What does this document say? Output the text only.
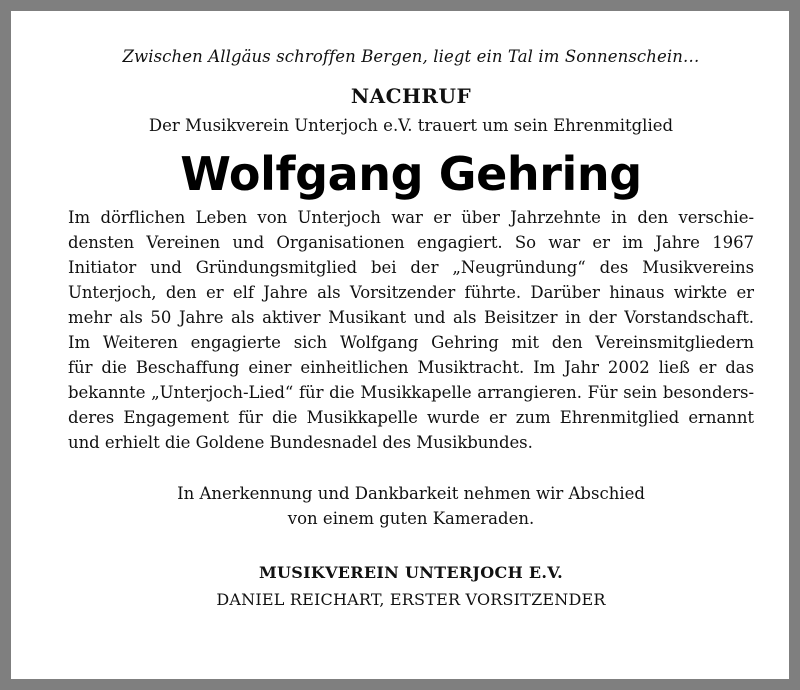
Zwischen Allgäus schroffen Bergen, liegt ein Tal im Sonnenschein…

NACHRUF

Der Musikverein Unterjoch e.V. trauert um sein Ehrenmitglied

Wolfgang Gehring

Im dörflichen Leben von Unterjoch war er über Jahrzehnte in den verschie-
densten Vereinen und Organisationen engagiert. So war er im Jahre 1967
Initiator und Gründungsmitglied bei der „Neugründung“ des Musikvereins
Unterjoch, den er elf Jahre als Vorsitzender führte. Darüber hinaus wirkte er
mehr als 50 Jahre als aktiver Musikant und als Beisitzer in der Vorstandschaft.
Im Weiteren engagierte sich Wolfgang Gehring mit den Vereinsmitgliedern
für die Beschaffung einer einheitlichen Musiktracht. Im Jahr 2002 ließ er das
bekannte „Unterjoch-Lied“ für die Musikkapelle arrangieren. Für sein besonders-
deres Engagement für die Musikkapelle wurde er zum Ehrenmitglied ernannt
und erhielt die Goldene Bundesnadel des Musikbundes.

In Anerkennung und Dankbarkeit nehmen wir Abschied
von einem guten Kameraden.

MUSIKVEREIN UNTERJOCH E.V.

DANIEL REICHART, ERSTER VORSITZENDER
